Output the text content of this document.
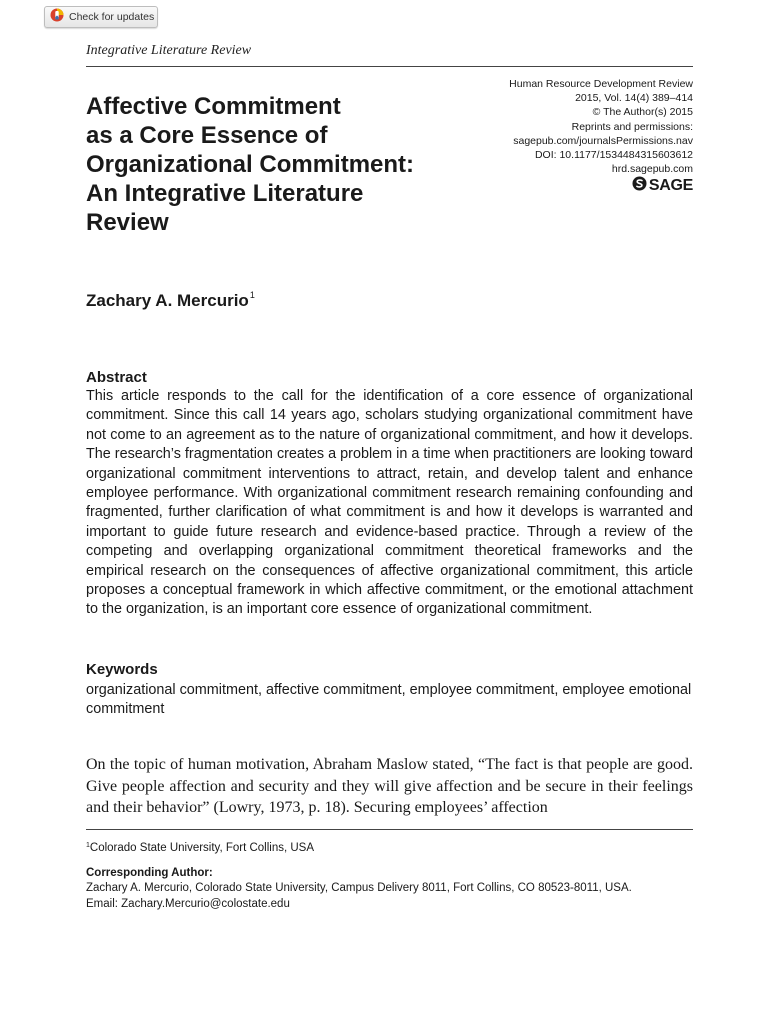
Check for updates
Integrative Literature Review
Affective Commitment
as a Core Essence of
Organizational Commitment:
An Integrative Literature
Review
Human Resource Development Review
2015, Vol. 14(4) 389–414
© The Author(s) 2015
Reprints and permissions:
sagepub.com/journalsPermissions.nav
DOI: 10.1177/1534484315603612
hrd.sagepub.com
SAGE
Zachary A. Mercurio$^1$
Abstract
This article responds to the call for the identification of a core essence of organizational commitment. Since this call 14 years ago, scholars studying organizational commitment have not come to an agreement as to the nature of organizational commitment, and how it develops. The research’s fragmentation creates a problem in a time when practitioners are looking toward organizational commitment interventions to attract, retain, and develop talent and enhance employee performance. With organizational commitment research remaining confounding and fragmented, further clarification of what commitment is and how it develops is warranted and important to guide future research and evidence-based practice. Through a review of the competing and overlapping organizational commitment theoretical frameworks and the empirical research on the consequences of affective organizational commitment, this article proposes a conceptual framework in which affective commitment, or the emotional attachment to the organization, is an important core essence of organizational commitment.
Keywords
organizational commitment, affective commitment, employee commitment, employee emotional commitment
On the topic of human motivation, Abraham Maslow stated, “The fact is that people are good. Give people affection and security and they will give affection and be secure in their feelings and their behavior” (Lowry, 1973, p. 18). Securing employees’ affection
$^1$Colorado State University, Fort Collins, USA
Corresponding Author:
Zachary A. Mercurio, Colorado State University, Campus Delivery 8011, Fort Collins, CO 80523-8011, USA.
Email: Zachary.Mercurio@colostate.edu
